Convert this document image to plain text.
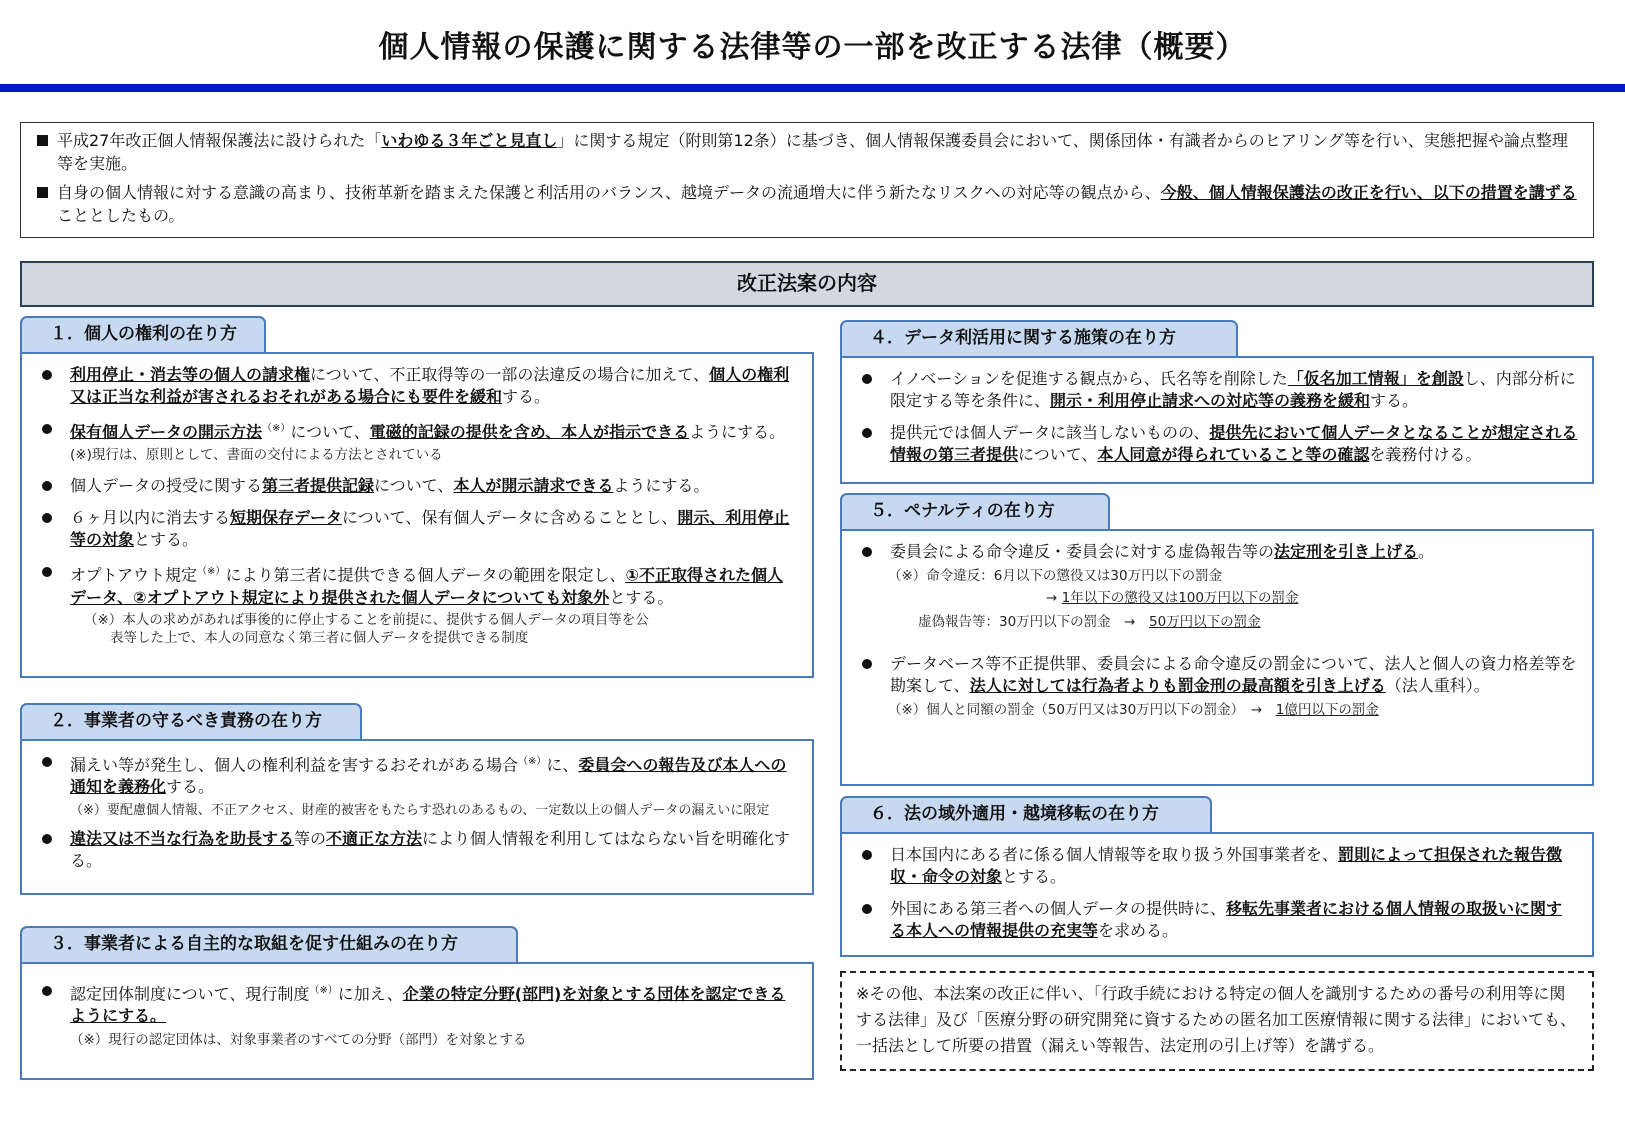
個人情報の保護に関する法律等の一部を改正する法律（概要）

平成27年改正個人情報保護法に設けられた「いわゆる３年ごと見直し」に関する規定（附則第12条）に基づき、個人情報保護委員会において、関係団体・有識者からのヒアリング等を行い、実態把握や論点整理等を実施。

自身の個人情報に対する意識の高まり、技術革新を踏まえた保護と利活用のバランス、越境データの流通増大に伴う新たなリスクへの対応等の観点から、今般、個人情報保護法の改正を行い、以下の措置を講ずることとしたもの。

改正法案の内容
１．個人の権利の在り方
利用停止・消去等の個人の請求権について、不正取得等の一部の法違反の場合に加えて、個人の権利又は正当な利益が害されるおそれがある場合にも要件を緩和する。
保有個人データの開示方法（※）について、電磁的記録の提供を含め、本人が指示できるようにする。(※)現行は、原則として、書面の交付による方法とされている
個人データの授受に関する第三者提供記録について、本人が開示請求できるようにする。
６ヶ月以内に消去する短期保存データについて、保有個人データに含めることとし、開示、利用停止等の対象とする。
オプトアウト規定（※）により第三者に提供できる個人データの範囲を限定し、①不正取得された個人データ、②オプトアウト規定により提供された個人データについても対象外とする。
（※）本人の求めがあれば事後的に停止することを前提に、提供する個人データの項目等を公
表等した上で、本人の同意なく第三者に個人データを提供できる制度
２．事業者の守るべき責務の在り方
漏えい等が発生し、個人の権利利益を害するおそれがある場合（※）に、委員会への報告及び本人への通知を義務化する。
（※）要配慮個人情報、不正アクセス、財産的被害をもたらす恐れのあるもの、一定数以上の個人データの漏えいに限定
違法又は不当な行為を助長する等の不適正な方法により個人情報を利用してはならない旨を明確化する。
３．事業者による自主的な取組を促す仕組みの在り方
認定団体制度について、現行制度（※）に加え、企業の特定分野(部門)を対象とする団体を認定できるようにする。
（※）現行の認定団体は、対象事業者のすべての分野（部門）を対象とする
４．データ利活用に関する施策の在り方
イノベーションを促進する観点から、氏名等を削除した「仮名加工情報」を創設し、内部分析に限定する等を条件に、開示・利用停止請求への対応等の義務を緩和する。
提供元では個人データに該当しないものの、提供先において個人データとなることが想定される情報の第三者提供について、本人同意が得られていること等の確認を義務付ける。
５．ペナルティの在り方
委員会による命令違反・委員会に対する虚偽報告等の法定刑を引き上げる。
（※）命令違反：6月以下の懲役又は30万円以下の罰金
→ 1年以下の懲役又は100万円以下の罰金
虚偽報告等：30万円以下の罰金　→　50万円以下の罰金
データベース等不正提供罪、委員会による命令違反の罰金について、法人と個人の資力格差等を勘案して、法人に対しては行為者よりも罰金刑の最高額を引き上げる（法人重科）。
（※）個人と同額の罰金（50万円又は30万円以下の罰金）　→　1億円以下の罰金
６．法の域外適用・越境移転の在り方
日本国内にある者に係る個人情報等を取り扱う外国事業者を、罰則によって担保された報告徴収・命令の対象とする。
外国にある第三者への個人データの提供時に、移転先事業者における個人情報の取扱いに関する本人への情報提供の充実等を求める。
※その他、本法案の改正に伴い、「行政手続における特定の個人を識別するための番号の利用等に関する法律」及び「医療分野の研究開発に資するための匿名加工医療情報に関する法律」においても、一括法として所要の措置（漏えい等報告、法定刑の引上げ等）を講ずる。
